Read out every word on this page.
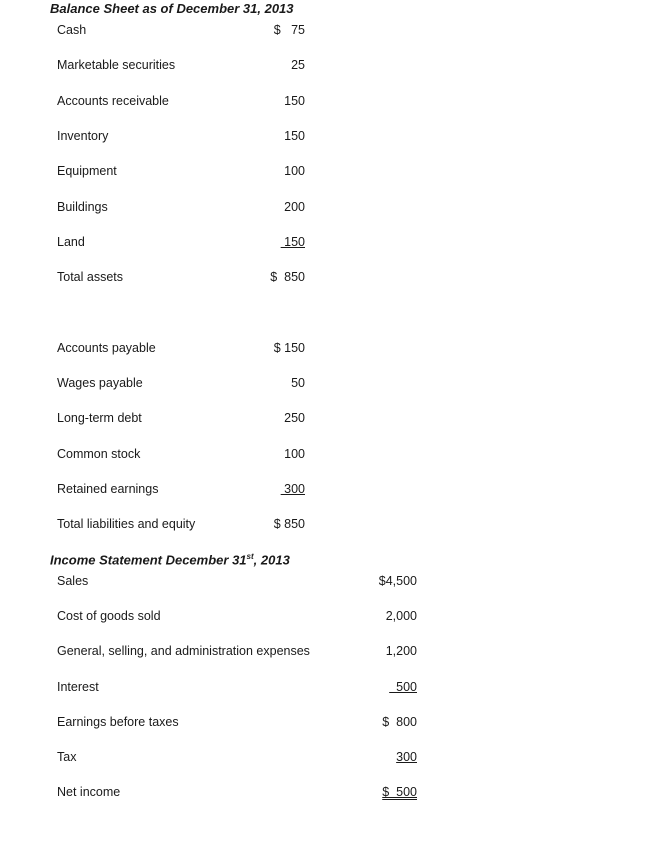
Balance Sheet as of December 31, 2013
Income Statement December 31st, 2013
Cash	$   75
Marketable securities	25
Accounts receivable	150
Inventory	150
Equipment	100
Buildings	200
Land	150
Total assets	$  850
Accounts payable	$ 150
Wages payable	50
Long-term debt	250
Common stock	100
Retained earnings	300
Total liabilities and equity	$ 850
Sales	$4,500
Cost of goods sold	2,000
General, selling, and administration expenses	1,200
Interest	500
Earnings before taxes	$  800
Tax	300
Net income	$  500
